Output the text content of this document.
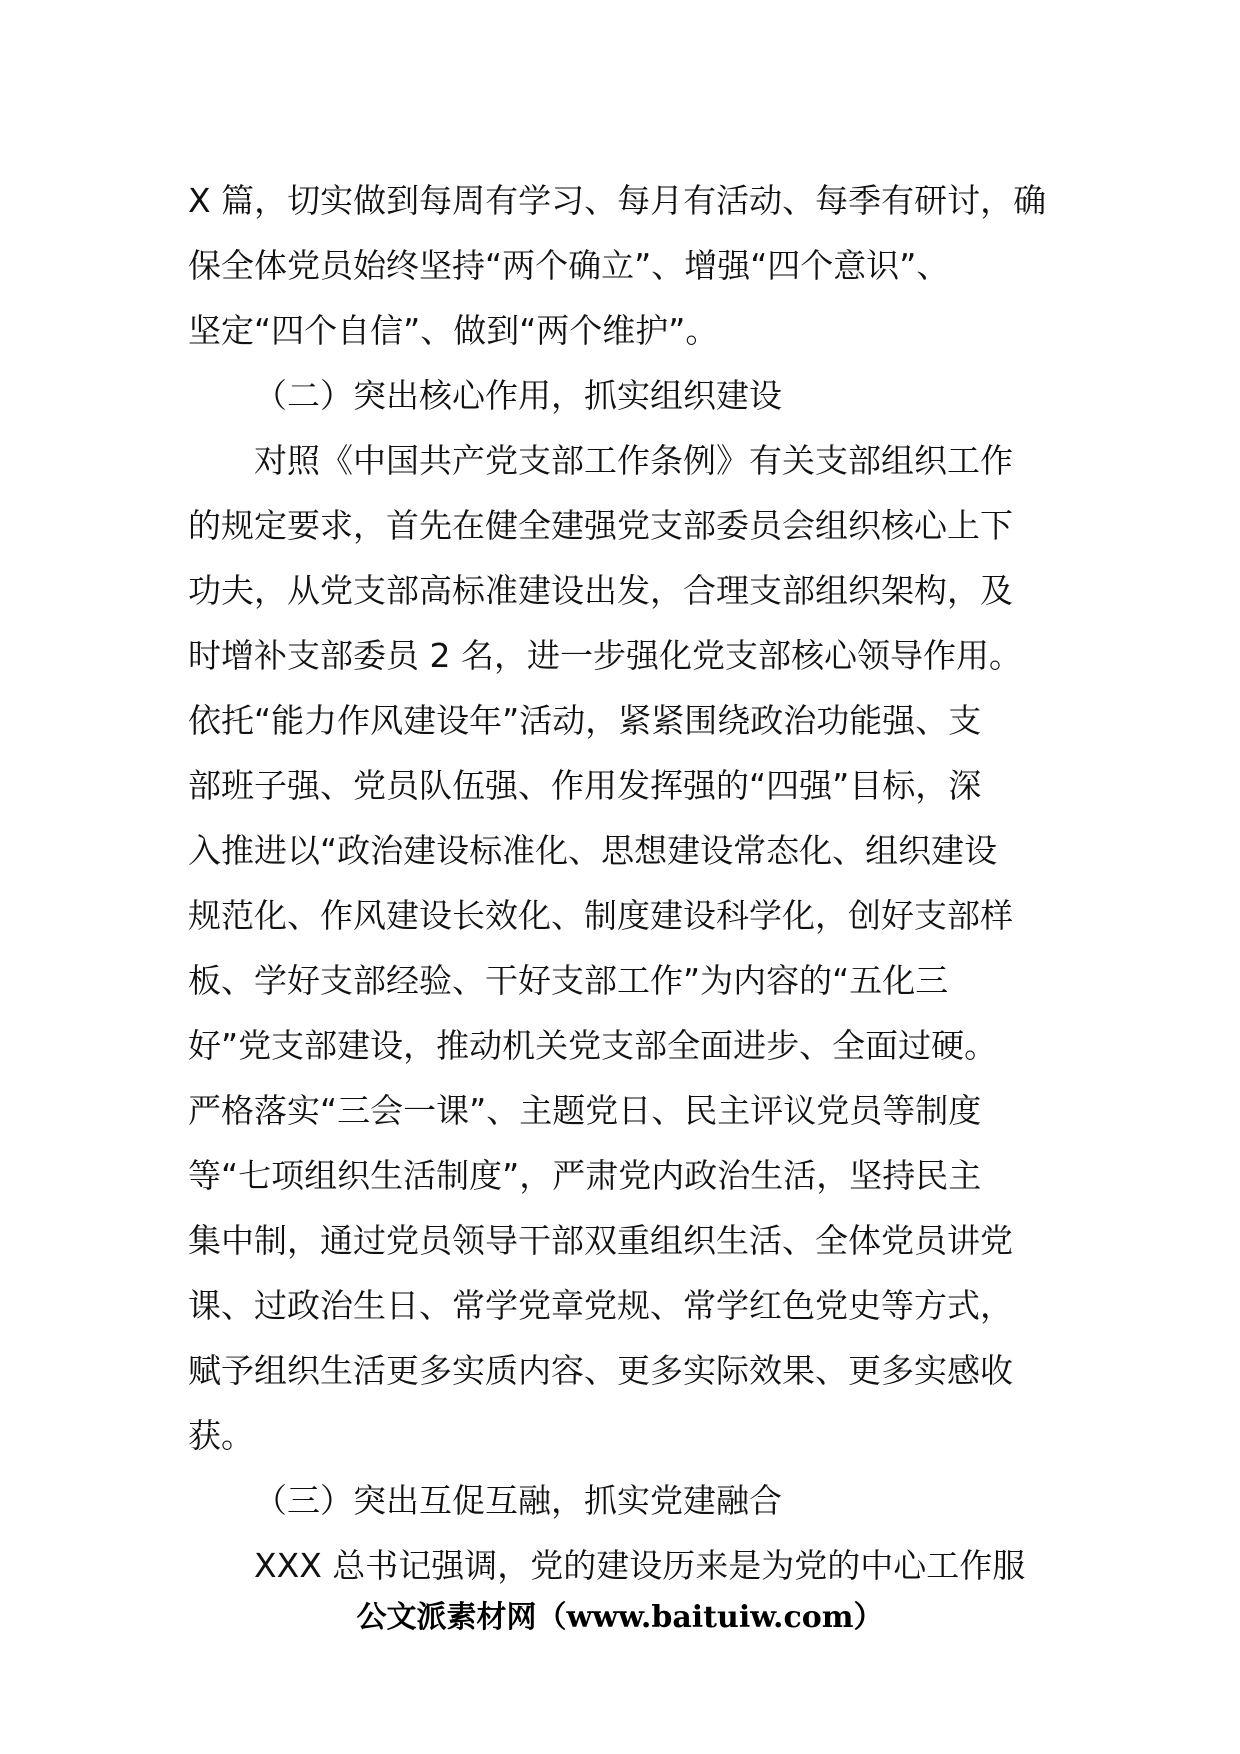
X 篇，切实做到每周有学习、每月有活动、每季有研讨，确
保全体党员始终坚持“两个确立”、增强“四个意识”、
坚定“四个自信”、做到“两个维护”。
（二）突出核心作用，抓实组织建设
对照《中国共产党支部工作条例》有关支部组织工作
的规定要求，首先在健全建强党支部委员会组织核心上下
功夫，从党支部高标准建设出发，合理支部组织架构，及
时增补支部委员 2 名，进一步强化党支部核心领导作用。
依托“能力作风建设年”活动，紧紧围绕政治功能强、支
部班子强、党员队伍强、作用发挥强的“四强”目标，深
入推进以“政治建设标准化、思想建设常态化、组织建设
规范化、作风建设长效化、制度建设科学化，创好支部样
板、学好支部经验、干好支部工作”为内容的“五化三
好”党支部建设，推动机关党支部全面进步、全面过硬。
严格落实“三会一课”、主题党日、民主评议党员等制度
等“七项组织生活制度”，严肃党内政治生活，坚持民主
集中制，通过党员领导干部双重组织生活、全体党员讲党
课、过政治生日、常学党章党规、常学红色党史等方式，
赋予组织生活更多实质内容、更多实际效果、更多实感收
获。
（三）突出互促互融，抓实党建融合
XXX 总书记强调，党的建设历来是为党的中心工作服
公文派素材网（www.baituiw.com）
